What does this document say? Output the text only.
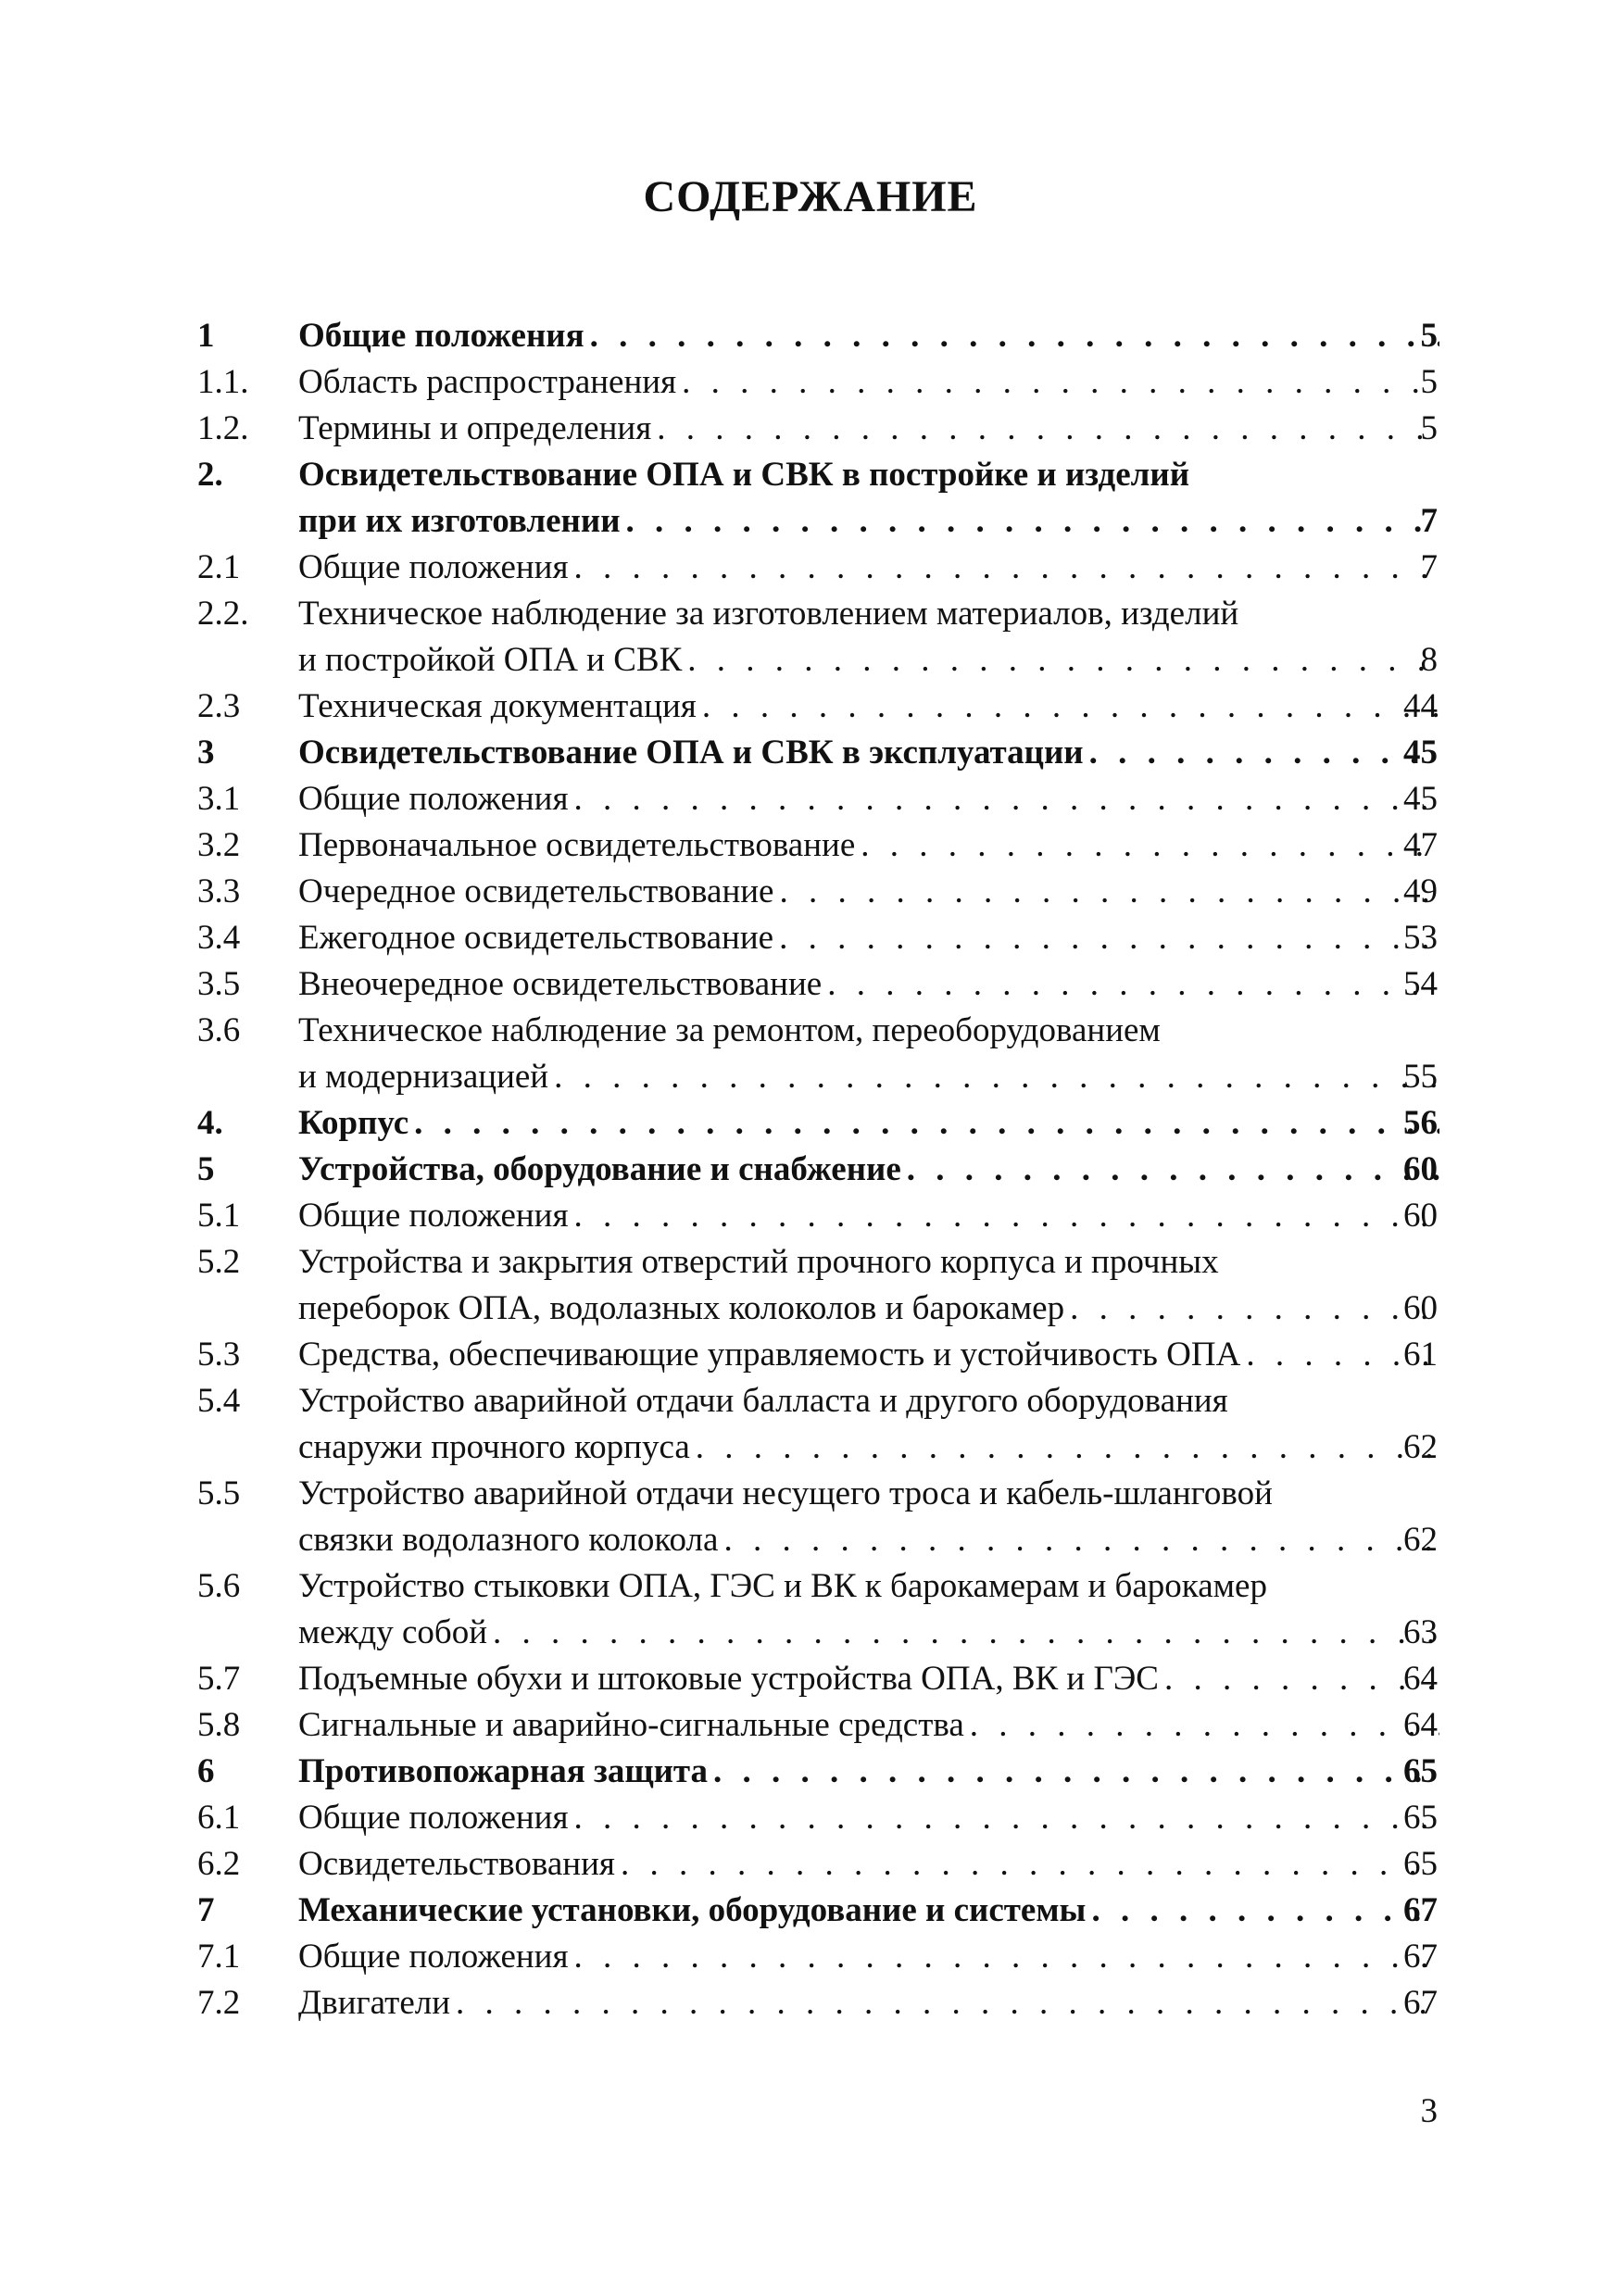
СОДЕРЖАНИЕ
1 Общие положения . . .	5
1.1. Область распространения . . .	5
1.2. Термины и определения . . .	5
2. Освидетельствование ОПА и СВК в постройке и изделий
при их изготовлении . . .	7
2.1 Общие положения . . .	7
2.2. Техническое наблюдение за изготовлением материалов, изделий
и постройкой ОПА и СВК . . .	8
2.3 Техническая документация . . .	44
3 Освидетельствование ОПА и СВК в эксплуатации . . .	45
3.1 Общие положения . . .	45
3.2 Первоначальное освидетельствование . . .	47
3.3 Очередное освидетельствование . . .	49
3.4 Ежегодное освидетельствование . . .	53
3.5 Внеочередное освидетельствование . . .	54
3.6 Техническое наблюдение за ремонтом, переоборудованием
и модернизацией . . .	55
4. Корпус . . .	56
5 Устройства, оборудование и снабжение . . .	60
5.1 Общие положения . . .	60
5.2 Устройства и закрытия отверстий прочного корпуса и прочных
переборок ОПА, водолазных колоколов и барокамер . . .	60
5.3 Средства, обеспечивающие управляемость и устойчивость ОПА . . .	61
5.4 Устройство аварийной отдачи балласта и другого оборудования
снаружи прочного корпуса . . .	62
5.5 Устройство аварийной отдачи несущего троса и кабель-шланговой
связки водолазного колокола . . .	62
5.6 Устройство стыковки ОПА, ГЭС и ВК к барокамерам и барокамер
между собой . . .	63
5.7 Подъемные обухи и штоковые устройства ОПА, ВК и ГЭС . . .	64
5.8 Сигнальные и аварийно-сигнальные средства . . .	64
6 Противопожарная защита . . .	65
6.1 Общие положения . . .	65
6.2 Освидетельствования . . .	65
7 Механические установки, оборудование и системы . . .	67
7.1 Общие положения . . .	67
7.2 Двигатели . . .	67
3
